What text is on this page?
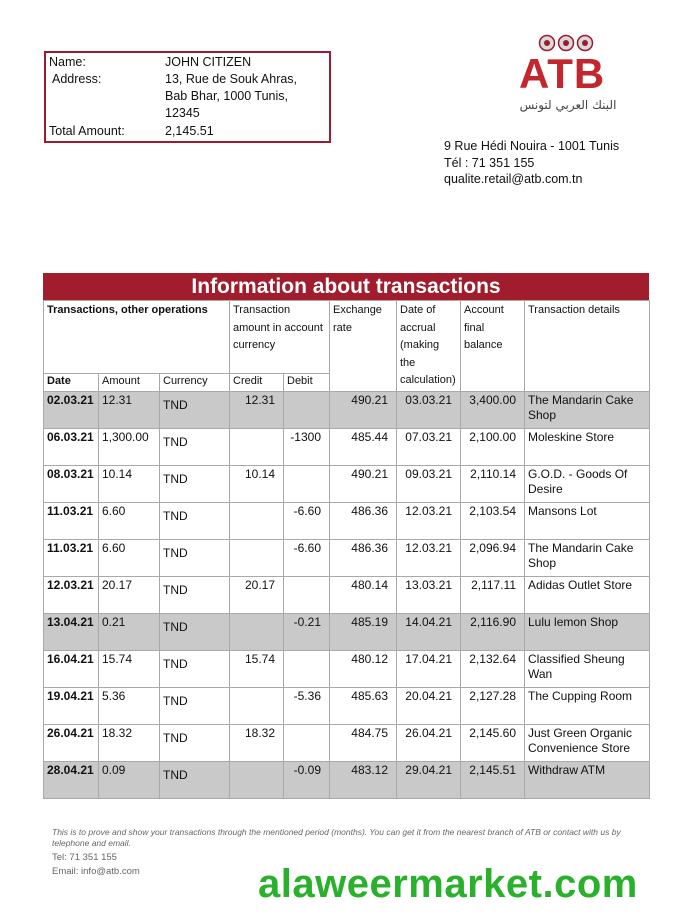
Name:	JOHN CITIZEN
Address:	13, Rue de Souk Ahras,
Bab Bhar, 1000 Tunis,
12345
Total Amount:	2,145.51
ATB
البنك العربي لتونس
9 Rue Hédi Nouira - 1001 Tunis
Tél : 71 351 155
qualite.retail@atb.com.tn
Information about transactions
Transactions, other operations			Transaction amount in account currency		Exchange rate	Date of accrual (making the calculation)	Account final balance	Transaction details
Date	Amount	Currency	Credit	Debit				
02.03.21	12.31	TND	12.31		490.21	03.03.21	3,400.00	The Mandarin Cake Shop
06.03.21	1,300.00	TND		-1300	485.44	07.03.21	2,100.00	Moleskine Store
08.03.21	10.14	TND	10.14		490.21	09.03.21	2,110.14	G.O.D. - Goods Of Desire
11.03.21	6.60	TND		-6.60	486.36	12.03.21	2,103.54	Mansons Lot
11.03.21	6.60	TND		-6.60	486.36	12.03.21	2,096.94	The Mandarin Cake Shop
12.03.21	20.17	TND	20.17		480.14	13.03.21	2,117.11	Adidas Outlet Store
13.04.21	0.21	TND		-0.21	485.19	14.04.21	2,116.90	Lulu lemon Shop
16.04.21	15.74	TND	15.74		480.12	17.04.21	2,132.64	Classified Sheung Wan
19.04.21	5.36	TND		-5.36	485.63	20.04.21	2,127.28	The Cupping Room
26.04.21	18.32	TND	18.32		484.75	26.04.21	2,145.60	Just Green Organic Convenience Store
28.04.21	0.09	TND		-0.09	483.12	29.04.21	2,145.51	Withdraw ATM
This is to prove and show your transactions through the mentioned period (months). You can get it from the nearest branch of ATB or contact with us by telephone and email.
Tel: 71 351 155
Email: info@atb.com	alaweermarket.com
